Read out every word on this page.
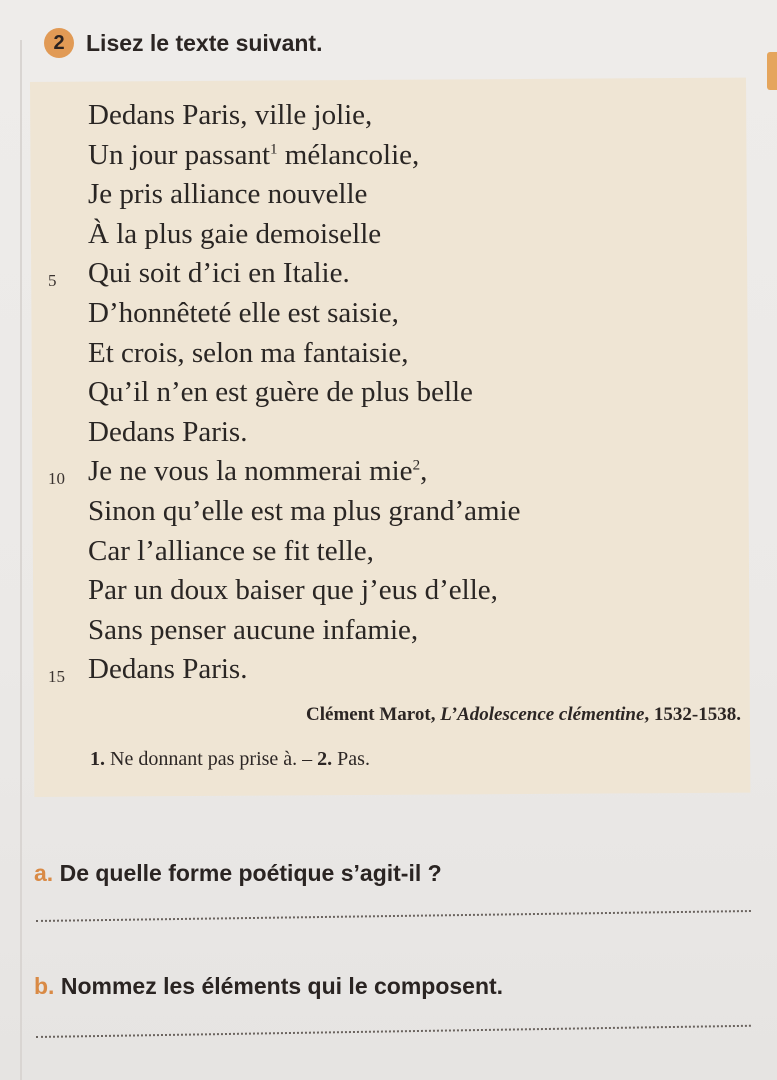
2 Lisez le texte suivant.
Dedans Paris, ville jolie,
Un jour passant$^1$ mélancolie,
Je pris alliance nouvelle
À la plus gaie demoiselle
5 Qui soit d’ici en Italie.
D’honnêteté elle est saisie,
Et crois, selon ma fantaisie,
Qu’il n’en est guère de plus belle
Dedans Paris.
10 Je ne vous la nommerai mie$^2$,
Sinon qu’elle est ma plus grand’amie
Car l’alliance se fit telle,
Par un doux baiser que j’eus d’elle,
Sans penser aucune infamie,
15 Dedans Paris.
Clément Marot, L’Adolescence clémentine, 1532-1538.
1. Ne donnant pas prise à. – 2. Pas.
a. De quelle forme poétique s’agit-il ?
b. Nommez les éléments qui le composent.
